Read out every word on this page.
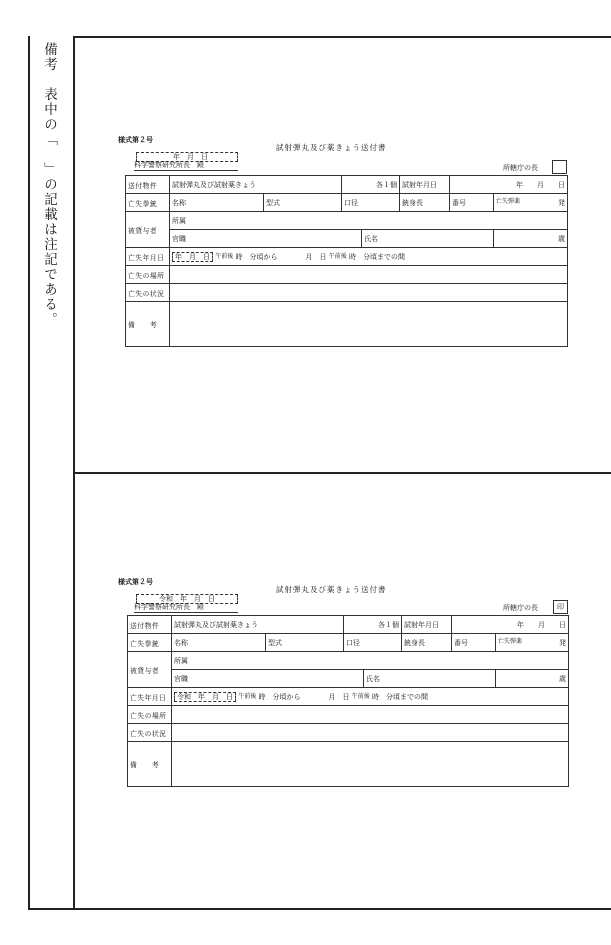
備考　表中の「　」の記載は注記である。	様式第２号
試射弾丸及び薬きょう送付書
　年　月　日
科学警察研究所長　殿	所轄庁の長
送付物件	試射弾丸及び試射薬きょう		各１個		試射年月日	年　　月　　日	
亡失拳銃	名称	型式	口径		銃身長	番号	亡失弾薬 発

被貸与者	所属						
	官職			氏名			歳
亡失年月日	年　月　日 午前後 時　分頃から　　　　 月　日 午前後 時　分頃までの間						
亡失の場所							
亡失の状況							
備　　考							
様式第２号
試射弾丸及び薬きょう送付書
令和　年　月　日
科学警察研究所長　殿	所轄庁の長	印
送付物件	試射弾丸及び試射薬きょう		各１個		試射年月日	年　　月　　日	
亡失拳銃	名称	型式	口径		銃身長	番号	亡失弾薬 発

被貸与者	所属						
	官職			氏名			歳
亡失年月日	令和　年　月　日 午前後 時　分頃から　　　　 月　日 午前後 時　分頃までの間						
亡失の場所							
亡失の状況							
備　　考							
